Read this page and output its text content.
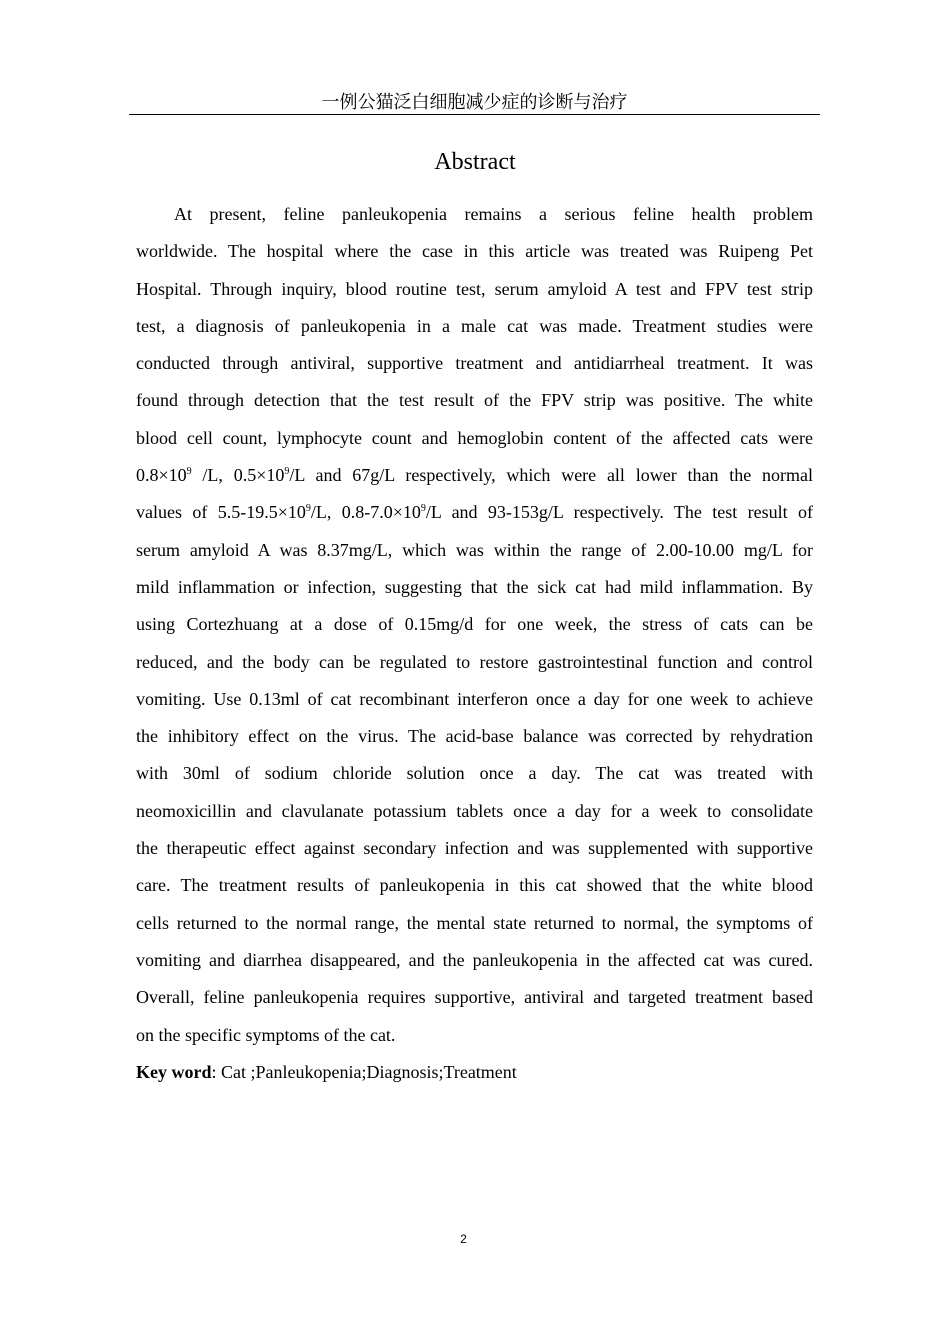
一例公猫泛白细胞减少症的诊断与治疗
Abstract
At present, feline panleukopenia remains a serious feline health problem
worldwide. The hospital where the case in this article was treated was Ruipeng Pet
Hospital. Through inquiry, blood routine test, serum amyloid A test and FPV test strip
test, a diagnosis of panleukopenia in a male cat was made. Treatment studies were
conducted through antiviral, supportive treatment and antidiarrheal treatment. It was
found through detection that the test result of the FPV strip was positive. The white
blood cell count, lymphocyte count and hemoglobin content of the affected cats were
$0.8\times 10^9$ /L, $0.5\times 10^9/L$ and 67g/L respectively, which were all lower than the normal
values of $5.5-19.5\times 10^9/L$, $0.8-7.0\times 10^9/L$ and 93-153g/L respectively. The test result of
serum amyloid A was 8.37mg/L, which was within the range of 2.00-10.00 mg/L for
mild inflammation or infection, suggesting that the sick cat had mild inflammation. By
using Cortezhuang at a dose of 0.15mg/d for one week, the stress of cats can be
reduced, and the body can be regulated to restore gastrointestinal function and control
vomiting. Use 0.13ml of cat recombinant interferon once a day for one week to achieve
the inhibitory effect on the virus. The acid-base balance was corrected by rehydration
with 30ml of sodium chloride solution once a day. The cat was treated with
neomoxicillin and clavulanate potassium tablets once a day for a week to consolidate
the therapeutic effect against secondary infection and was supplemented with supportive
care. The treatment results of panleukopenia in this cat showed that the white blood
cells returned to the normal range, the mental state returned to normal, the symptoms of
vomiting and diarrhea disappeared, and the panleukopenia in the affected cat was cured.
Overall, feline panleukopenia requires supportive, antiviral and targeted treatment based
on the specific symptoms of the cat.
Key word: Cat ;Panleukopenia;Diagnosis;Treatment
2
